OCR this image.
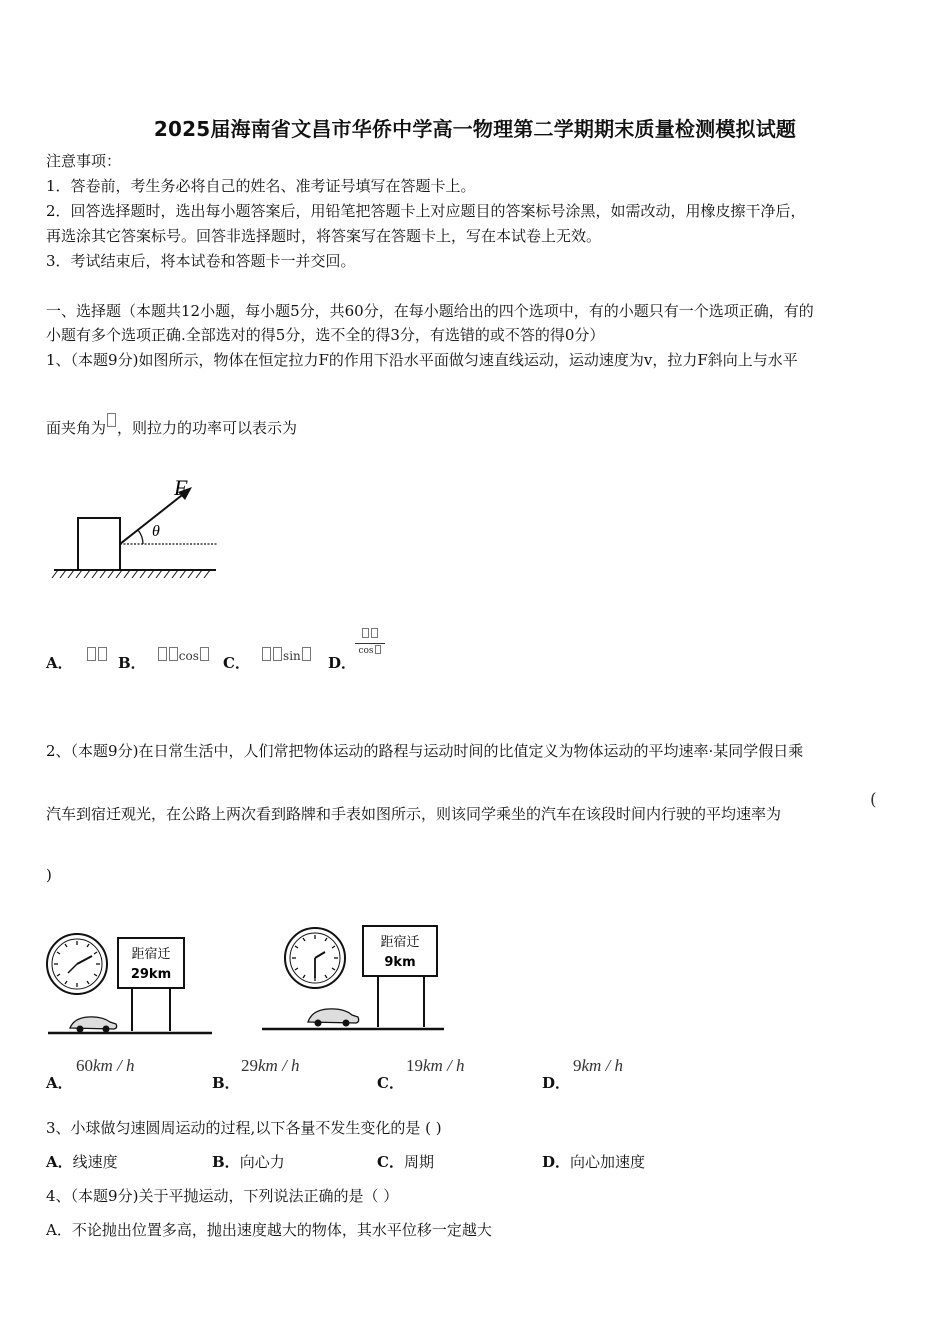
2025届海南省文昌市华侨中学高一物理第二学期期末质量检测模拟试题
注意事项：
1．答卷前，考生务必将自己的姓名、准考证号填写在答题卡上。
2．回答选择题时，选出每小题答案后，用铅笔把答题卡上对应题目的答案标号涂黑，如需改动，用橡皮擦干净后，
再选涂其它答案标号。回答非选择题时，将答案写在答题卡上，写在本试卷上无效。
3．考试结束后，将本试卷和答题卡一并交回。
一、选择题（本题共12小题，每小题5分，共60分，在每小题给出的四个选项中，有的小题只有一个选项正确，有的
小题有多个选项正确.全部选对的得5分，选不全的得3分，有选错的或不答的得0分）
1、（本题9分)如图所示，物体在恒定拉力F的作用下沿水平面做匀速直线运动，运动速度为v，拉力F斜向上与水平
面夹角为 ，则拉力的功率可以表示为
F
θ
A．	B．	$^{cos}$	C．	$^{sin}$	D．
cos
2、（本题9分)在日常生活中，人们常把物体运动的路程与运动时间的比值定义为物体运动的平均速率·某同学假日乘
汽车到宿迁观光，在公路上两次看到路牌和手表如图所示，则该同学乘坐的汽车在该段时间内行驶的平均速率为
(
)
距宿迁
29km
距宿迁
9km
A．
60km / h
B．
29km / h
C．
19km / h
D．
9km / h
3、小球做匀速圆周运动的过程,以下各量不发生变化的是 ( )
A．线速度	B．向心力	C．周期	D．向心加速度
4、（本题9分)关于平抛运动，下列说法正确的是（ ）
A．不论抛出位置多高，抛出速度越大的物体，其水平位移一定越大
